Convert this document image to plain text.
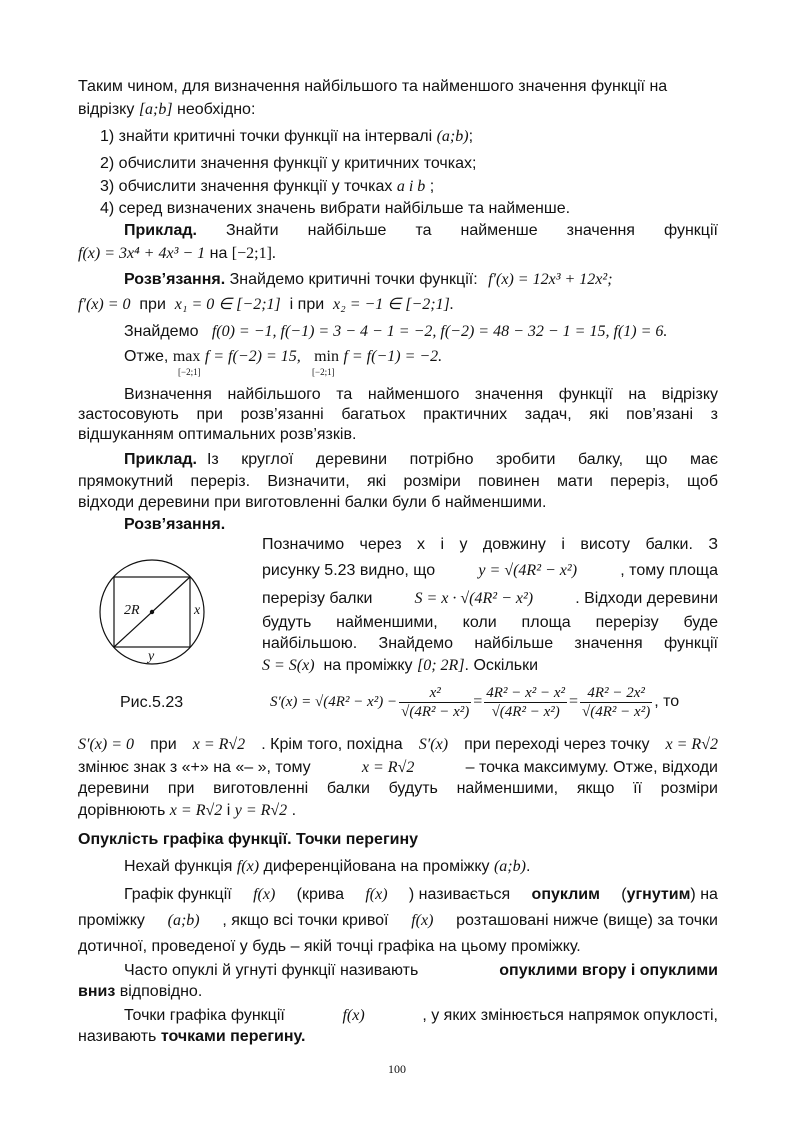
Таким чином, для визначення найбільшого та найменшого значення функції на
відрізку [a;b] необхідно:
1) знайти критичні точки функції на інтервалі (a;b);
2) обчислити значення функції у критичних точках;
3) обчислити значення функції у точках a і b ;
4) серед визначених значень вибрати найбільше та найменше.
Приклад. Знайти найбільше та найменше значення функції
f(x) = 3x⁴ + 4x³ − 1 на [−2;1].
Розв’язання. Знайдемо критичні точки функції: f′(x) = 12x³ + 12x²;
f′(x) = 0 при x₁ = 0 ∈ [−2;1] і при x₂ = −1 ∈ [−2;1].
Знайдемо f(0) = −1, f(−1) = 3 − 4 − 1 = −2, f(−2) = 48 − 32 − 1 = 15, f(1) = 6.
Отже, max f = f(−2) = 15, min f = f(−1) = −2.
[−2;1]	[−2;1]
Визначення найбільшого та найменшого значення функції на відрізку
застосовують при розв’язанні багатьох практичних задач, які пов’язані з
відшуканням оптимальних розв’язків.
Приклад. Із круглої деревини потрібно зробити балку, що має
прямокутний переріз. Визначити, які розміри повинен мати переріз, щоб
відходи деревини при виготовленні балки були б найменшими.
Розв’язання.
2R	x
y
Рис.5.23
Позначимо через x і y довжину і висоту балки. З
рисунку 5.23 видно, що	y = √(4R² − x²)	, тому площа
перерізу балки	S = x · √(4R² − x²)	. Відходи деревини
будуть найменшими, коли площа перерізу буде
найбільшою. Знайдемо найбільше значення функції
S = S(x) на проміжку [0; 2R]. Оскільки
$S'(x) = √(4R^2 - x^2) - \frac{\text{x²}}{\text{√(4R² − x²)}} = \frac{\text{4R² − x² − x²}}{\text{√(4R² − x²)}} = \frac{\text{4R² − 2x²}}{\text{√(4R² − x²)}}$ , то
S′(x) = 0 при x = R√2 . Крім того, похідна S′(x) при переході через точку x = R√2
змінює знак з «+» на «– », тому	x = R√2	– точка максимуму. Отже, відходи
деревини при виготовленні балки будуть найменшими, якщо її розміри
дорівнюють x = R√2 і y = R√2 .
Опуклість графіка функції. Точки перегину
Нехай функція f(x) диференційована на проміжку (a;b).
Графік функції f(x) (крива f(x) ) називається опуклим (угнутим) на
проміжку (a;b) , якщо всі точки кривої f(x) розташовані нижче (вище) за точки
дотичної, проведеної у будь – якій точці графіка на цьому проміжку.
Часто опуклі й угнуті функції називають	опуклими вгору і опуклими
вниз відповідно.
Точки графіка функції	f(x)	, у яких змінюється напрямок опуклості,
називають точками перегину.
100
